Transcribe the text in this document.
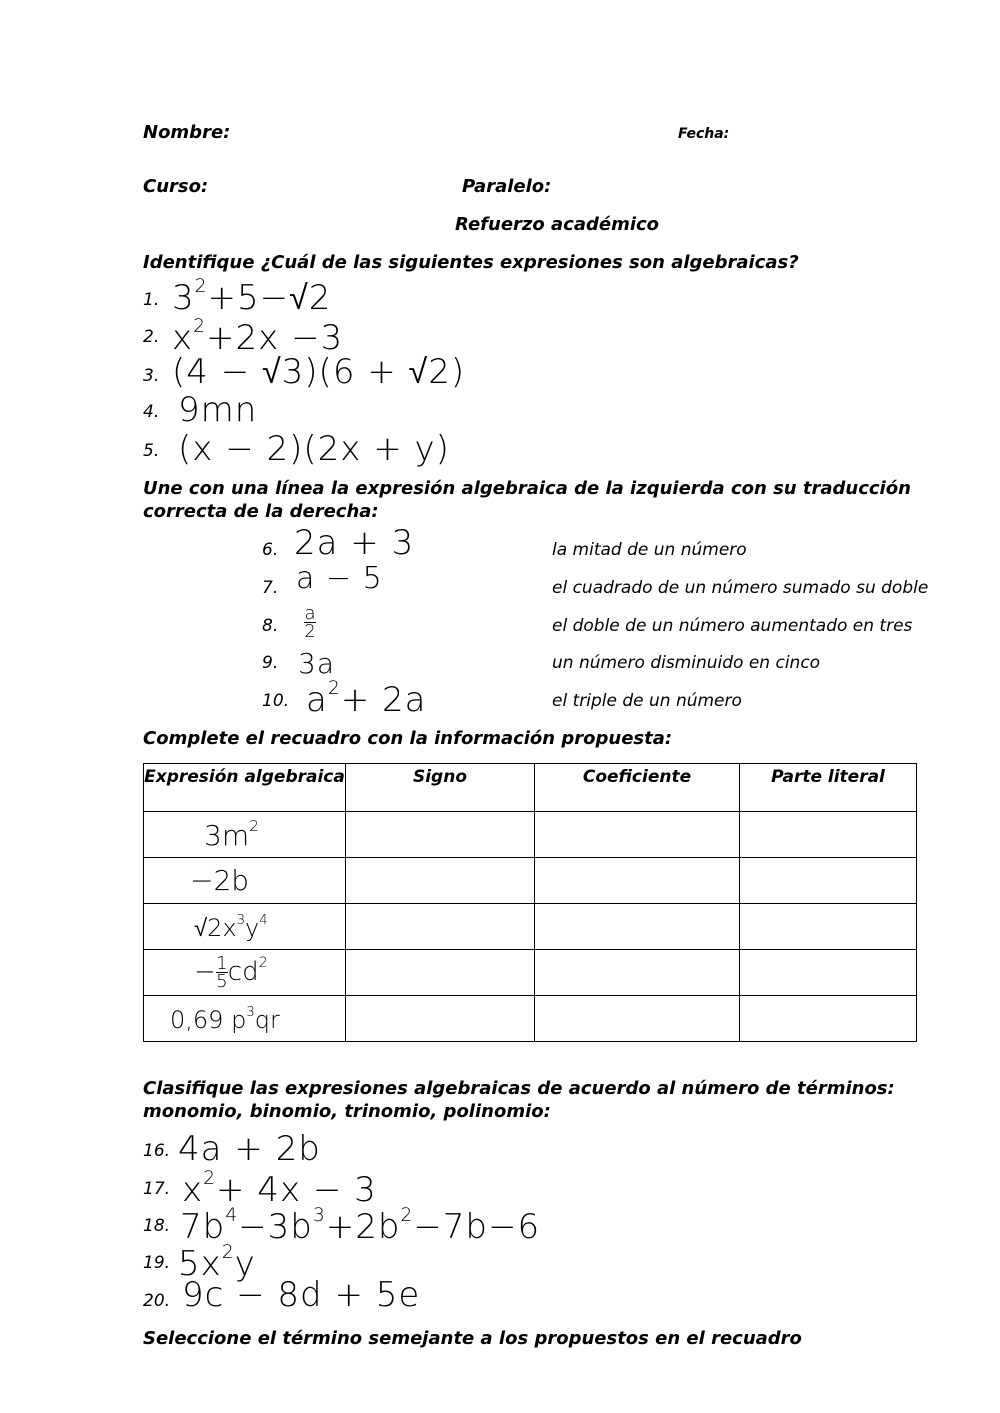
Nombre:	Fecha:
Curso:	Paralelo:
Refuerzo académico
Identifique ¿Cuál de las siguientes expresiones son algebraicas?
1. $3^2+5-√2$
2. $x^2+2x -3$
3. (4 − √3)(6 + √2)
4. 9mn
5. (x − 2)(2x + y)
Une con una línea la expresión algebraica de la izquierda con su traducción
correcta de la derecha:
6. 2a + 3	la mitad de un número
7. a − 5	el cuadrado de un número sumado su doble
8. $\frac{a}{2}$	el doble de un número aumentado en tres
9. 3a	un número disminuido en cinco
10. $a^2+ 2a$	el triple de un número
Complete el recuadro con la información propuesta:
Expresión algebraica	Signo	Coeficiente	Parte literal
$3m^2$			
−2b			
$√2x^3y^4$			
− $\frac{1}{5} cd^2$			
0,69 $p^3qr$			
Clasifique las expresiones algebraicas de acuerdo al número de términos:
monomio, binomio, trinomio, polinomio:
16. 4a + 2b
17. $x^2+ 4x - 3$
18. $7b^4-3b^3+2b^2-7b-6$
19. $5x^2y$
20. 9c − 8d + 5e
Seleccione el término semejante a los propuestos en el recuadro
